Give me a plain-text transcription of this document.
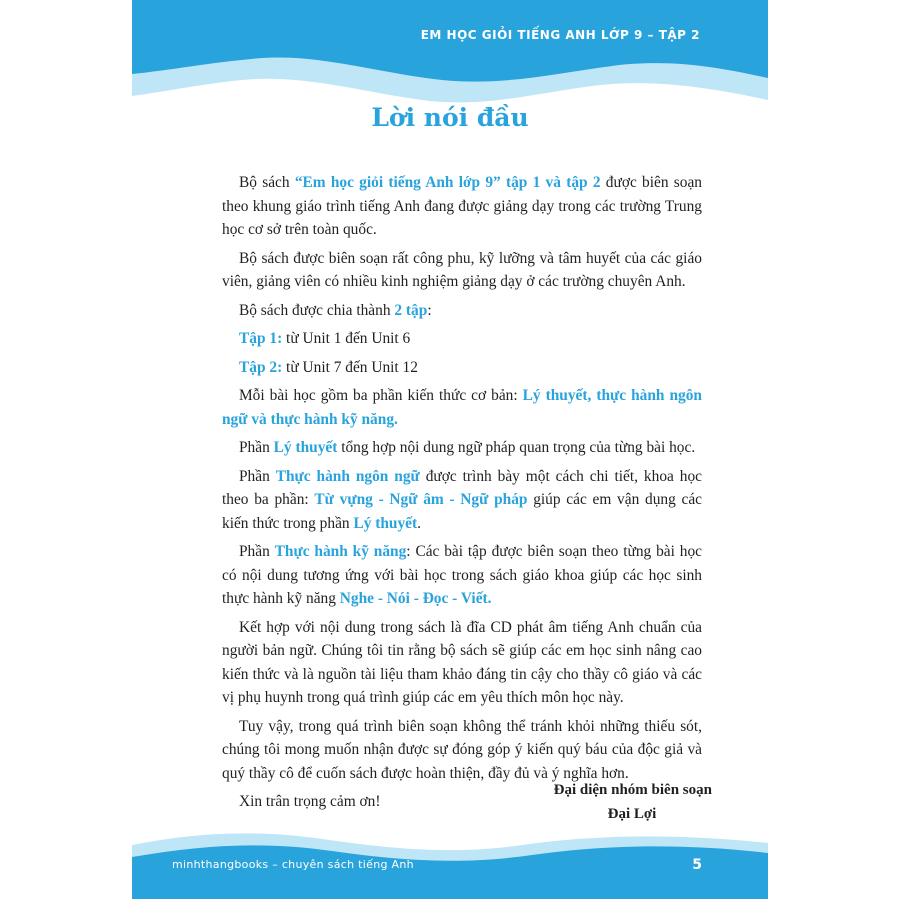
EM HỌC GIỎI TIẾNG ANH LỚP 9 – TẬP 2
Lời nói đầu

Bộ sách “Em học giỏi tiếng Anh lớp 9” tập 1 và tập 2 được biên soạn theo khung giáo trình tiếng Anh đang được giảng dạy trong các trường Trung học cơ sở trên toàn quốc.

Bộ sách được biên soạn rất công phu, kỹ lưỡng và tâm huyết của các giáo viên, giảng viên có nhiều kinh nghiệm giảng dạy ở các trường chuyên Anh.

Bộ sách được chia thành 2 tập:

Tập 1: từ Unit 1 đến Unit 6

Tập 2: từ Unit 7 đến Unit 12

Mỗi bài học gồm ba phần kiến thức cơ bản: Lý thuyết, thực hành ngôn ngữ và thực hành kỹ năng.

Phần Lý thuyết tổng hợp nội dung ngữ pháp quan trọng của từng bài học.

Phần Thực hành ngôn ngữ được trình bày một cách chi tiết, khoa học theo ba phần: Từ vựng - Ngữ âm - Ngữ pháp giúp các em vận dụng các kiến thức trong phần Lý thuyết.

Phần Thực hành kỹ năng: Các bài tập được biên soạn theo từng bài học có nội dung tương ứng với bài học trong sách giáo khoa giúp các học sinh thực hành kỹ năng Nghe - Nói - Đọc - Viết.

Kết hợp với nội dung trong sách là đĩa CD phát âm tiếng Anh chuẩn của người bản ngữ. Chúng tôi tin rằng bộ sách sẽ giúp các em học sinh nâng cao kiến thức và là nguồn tài liệu tham khảo đáng tin cậy cho thầy cô giáo và các vị phụ huynh trong quá trình giúp các em yêu thích môn học này.

Tuy vậy, trong quá trình biên soạn không thể tránh khỏi những thiếu sót, chúng tôi mong muốn nhận được sự đóng góp ý kiến quý báu của độc giả và quý thầy cô để cuốn sách được hoàn thiện, đầy đủ và ý nghĩa hơn.

Xin trân trọng cảm ơn!

Đại diện nhóm biên soạn
Đại Lợi
minhthangbooks – chuyên sách tiếng Anh	5
